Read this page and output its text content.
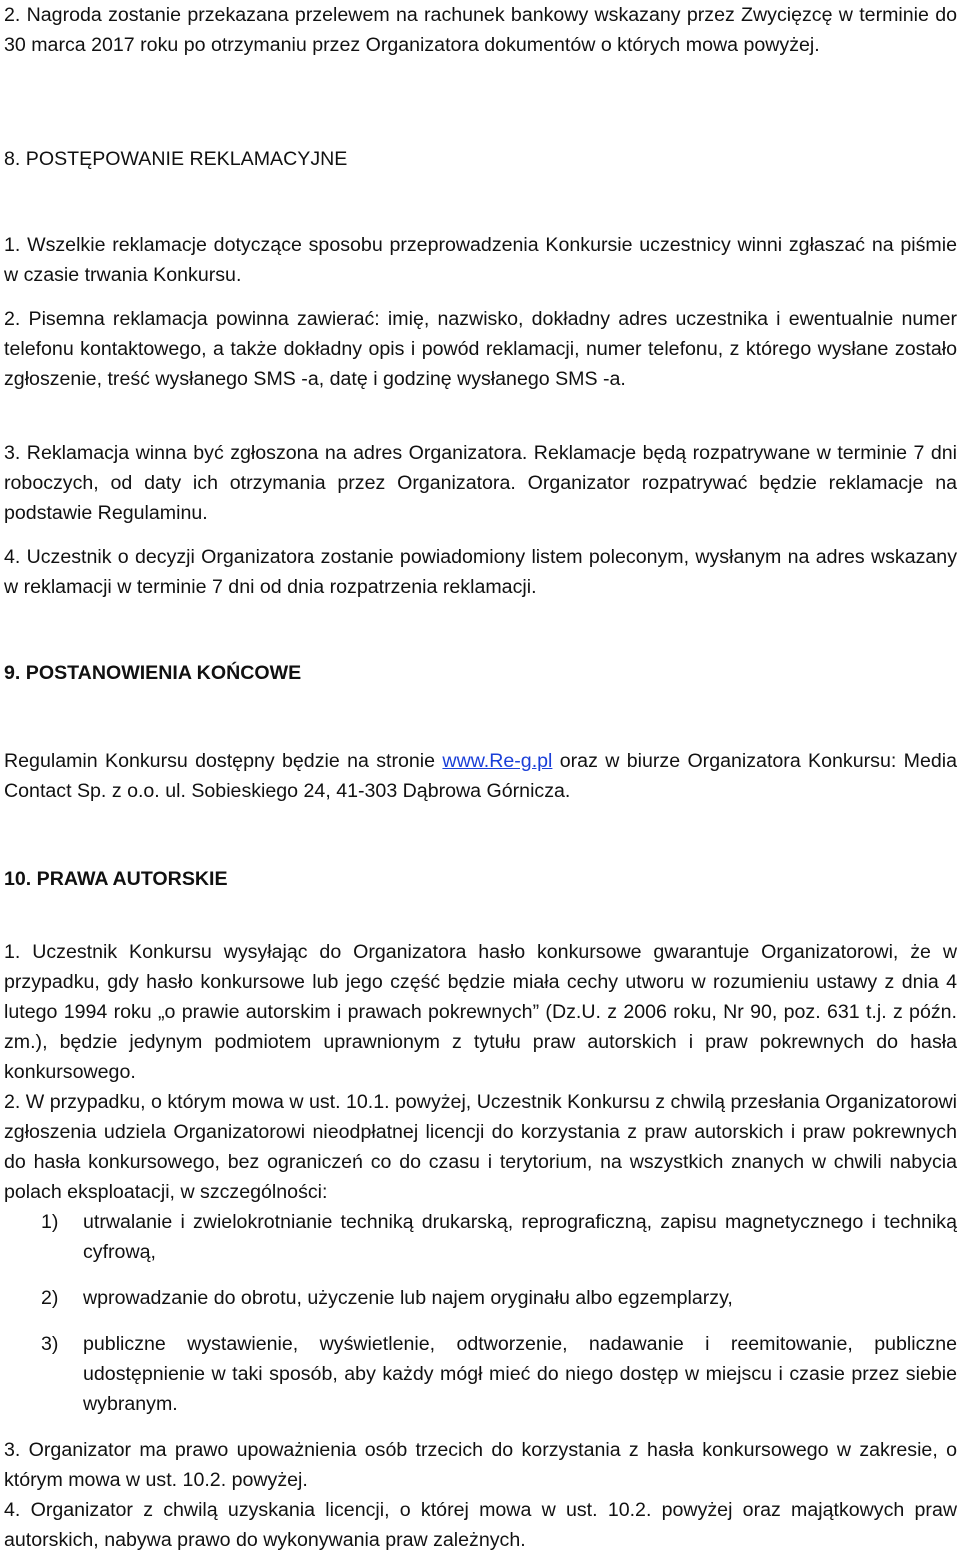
2. Nagroda zostanie przekazana przelewem na rachunek bankowy wskazany przez Zwycięzcę w terminie do 30 marca 2017 roku po otrzymaniu przez Organizatora dokumentów o których mowa powyżej.

8. POSTĘPOWANIE REKLAMACYJNE

1. Wszelkie reklamacje dotyczące sposobu przeprowadzenia Konkursie uczestnicy winni zgłaszać na piśmie w czasie trwania Konkursu.

2. Pisemna reklamacja powinna zawierać: imię, nazwisko, dokładny adres uczestnika i ewentualnie numer telefonu kontaktowego, a także dokładny opis i powód reklamacji, numer telefonu, z którego wysłane zostało zgłoszenie, treść wysłanego SMS -a, datę i godzinę wysłanego SMS -a.

3. Reklamacja winna być zgłoszona na adres Organizatora. Reklamacje będą rozpatrywane w terminie 7 dni roboczych, od daty ich otrzymania przez Organizatora. Organizator rozpatrywać będzie reklamacje na podstawie Regulaminu.

4. Uczestnik o decyzji Organizatora zostanie powiadomiony listem poleconym, wysłanym na adres wskazany w reklamacji w terminie 7 dni od dnia rozpatrzenia reklamacji.

9. POSTANOWIENIA KOŃCOWE

Regulamin Konkursu dostępny będzie na stronie www.Re-g.pl oraz w biurze Organizatora Konkursu: Media Contact Sp. z o.o. ul. Sobieskiego 24, 41-303 Dąbrowa Górnicza.

10. PRAWA AUTORSKIE

1. Uczestnik Konkursu wysyłając do Organizatora hasło konkursowe gwarantuje Organizatorowi, że w przypadku, gdy hasło konkursowe lub jego część będzie miała cechy utworu w rozumieniu ustawy z dnia 4 lutego 1994 roku „o prawie autorskim i prawach pokrewnych” (Dz.U. z 2006 roku, Nr 90, poz. 631 t.j. z późn. zm.), będzie jedynym podmiotem uprawnionym z tytułu praw autorskich i praw pokrewnych do hasła konkursowego.

2. W przypadku, o którym mowa w ust. 10.1. powyżej, Uczestnik Konkursu z chwilą przesłania Organizatorowi zgłoszenia udziela Organizatorowi nieodpłatnej licencji do korzystania z praw autorskich i praw pokrewnych do hasła konkursowego, bez ograniczeń co do czasu i terytorium, na wszystkich znanych w chwili nabycia polach eksploatacji, w szczególności:

1) utrwalanie i zwielokrotnianie techniką drukarską, reprograficzną, zapisu magnetycznego i techniką cyfrową,
2) wprowadzanie do obrotu, użyczenie lub najem oryginału albo egzemplarzy,
3) publiczne wystawienie, wyświetlenie, odtworzenie, nadawanie i reemitowanie, publiczne udostępnienie w taki sposób, aby każdy mógł mieć do niego dostęp w miejscu i czasie przez siebie wybranym.

3. Organizator ma prawo upoważnienia osób trzecich do korzystania z hasła konkursowego w zakresie, o którym mowa w ust. 10.2. powyżej.

4. Organizator z chwilą uzyskania licencji, o której mowa w ust. 10.2. powyżej oraz majątkowych praw autorskich, nabywa prawo do wykonywania praw zależnych.
